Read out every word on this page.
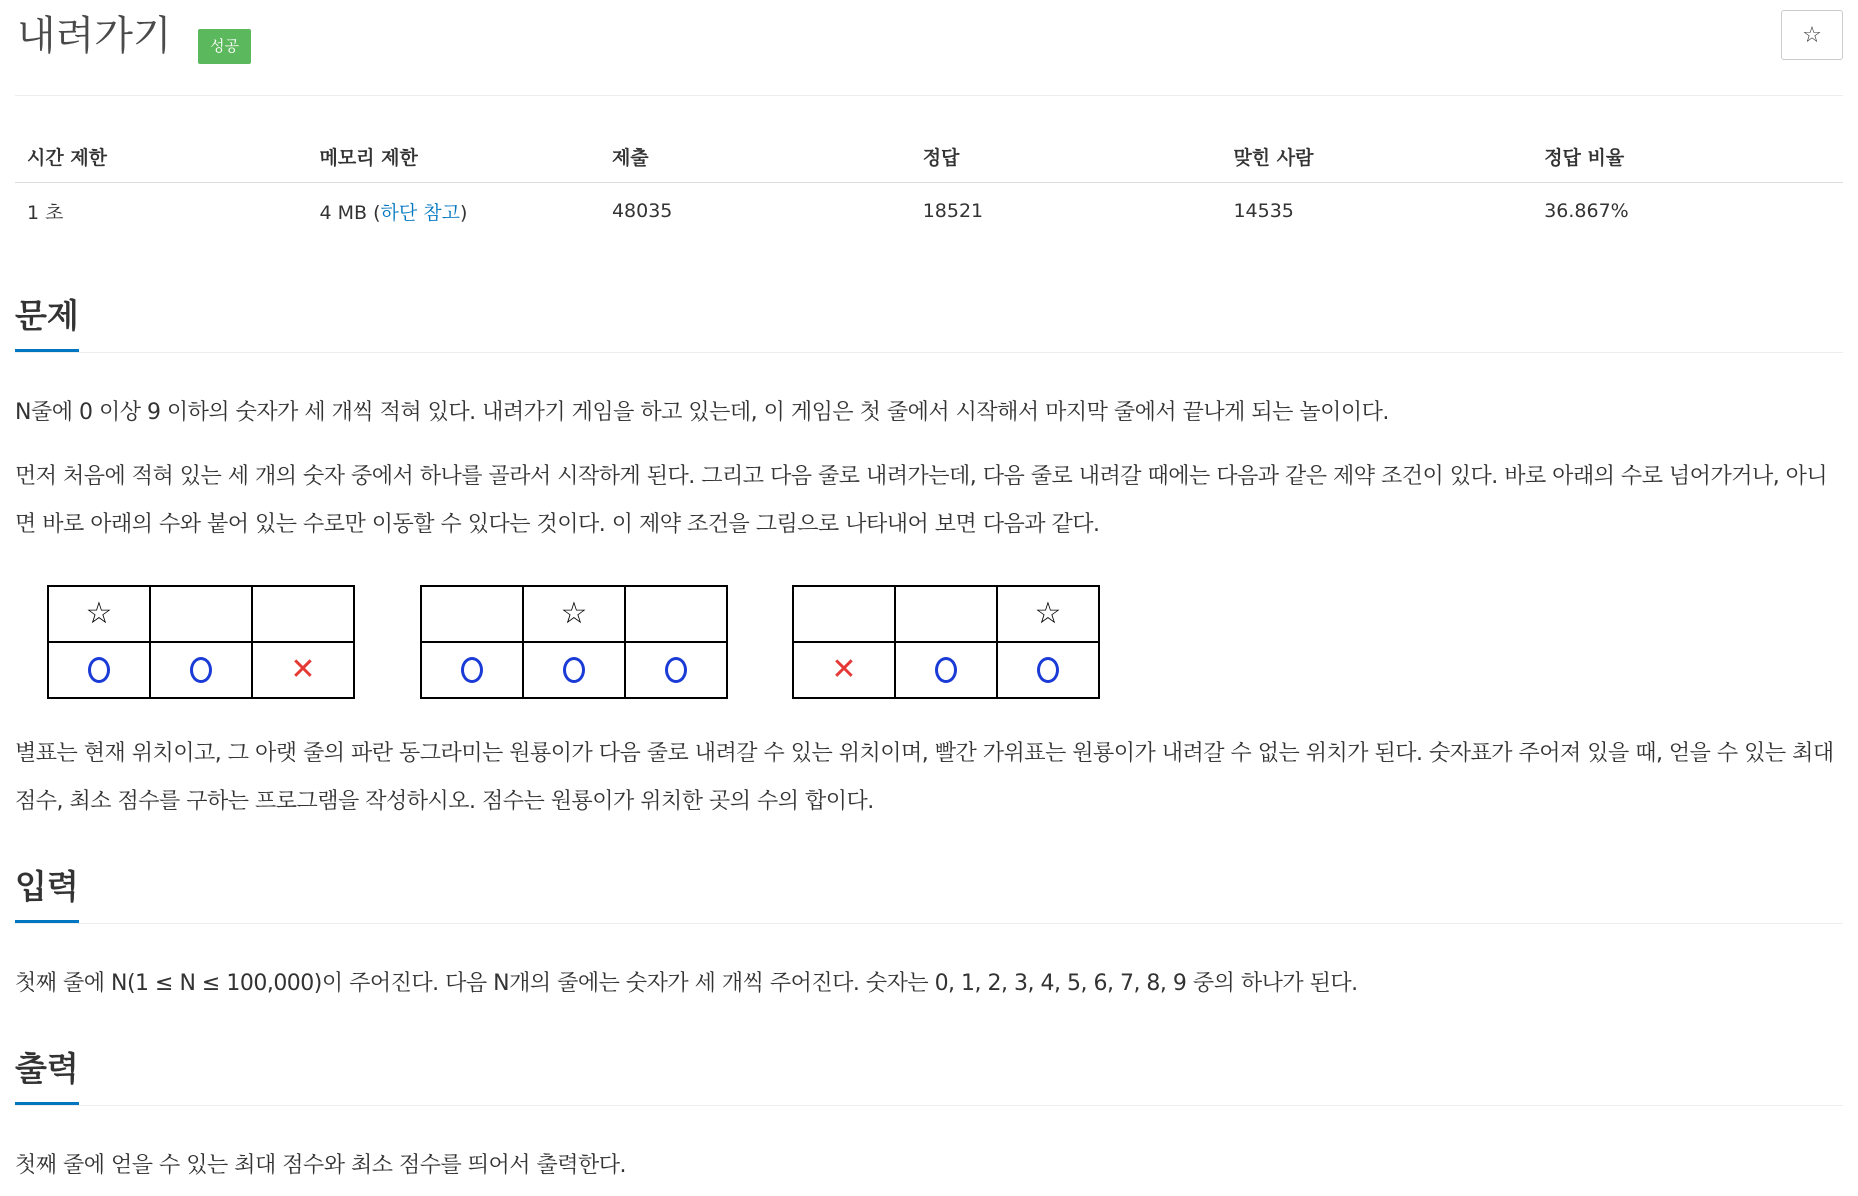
내려가기	성공	☆
시간 제한	메모리 제한	제출	정답	맞힌 사람	정답 비율
1 초	4 MB (하단 참고)	48035	18521	14535	36.867%
문제

N줄에 0 이상 9 이하의 숫자가 세 개씩 적혀 있다. 내려가기 게임을 하고 있는데, 이 게임은 첫 줄에서 시작해서 마지막 줄에서 끝나게 되는 놀이이다.

먼저 처음에 적혀 있는 세 개의 숫자 중에서 하나를 골라서 시작하게 된다. 그리고 다음 줄로 내려가는데, 다음 줄로 내려갈 때에는 다음과 같은 제약 조건이 있다. 바로 아래의 수로 넘어가거나, 아니면 바로 아래의 수와 붙어 있는 수로만 이동할 수 있다는 것이다. 이 제약 조건을 그림으로 나타내어 보면 다음과 같다.

☆		
		✕
	☆	

			☆
✕		

별표는 현재 위치이고, 그 아랫 줄의 파란 동그라미는 원룡이가 다음 줄로 내려갈 수 있는 위치이며, 빨간 가위표는 원룡이가 내려갈 수 없는 위치가 된다. 숫자표가 주어져 있을 때, 얻을 수 있는 최대 점수, 최소 점수를 구하는 프로그램을 작성하시오. 점수는 원룡이가 위치한 곳의 수의 합이다.

입력

첫째 줄에 N(1 ≤ N ≤ 100,000)이 주어진다. 다음 N개의 줄에는 숫자가 세 개씩 주어진다. 숫자는 0, 1, 2, 3, 4, 5, 6, 7, 8, 9 중의 하나가 된다.

출력

첫째 줄에 얻을 수 있는 최대 점수와 최소 점수를 띄어서 출력한다.
